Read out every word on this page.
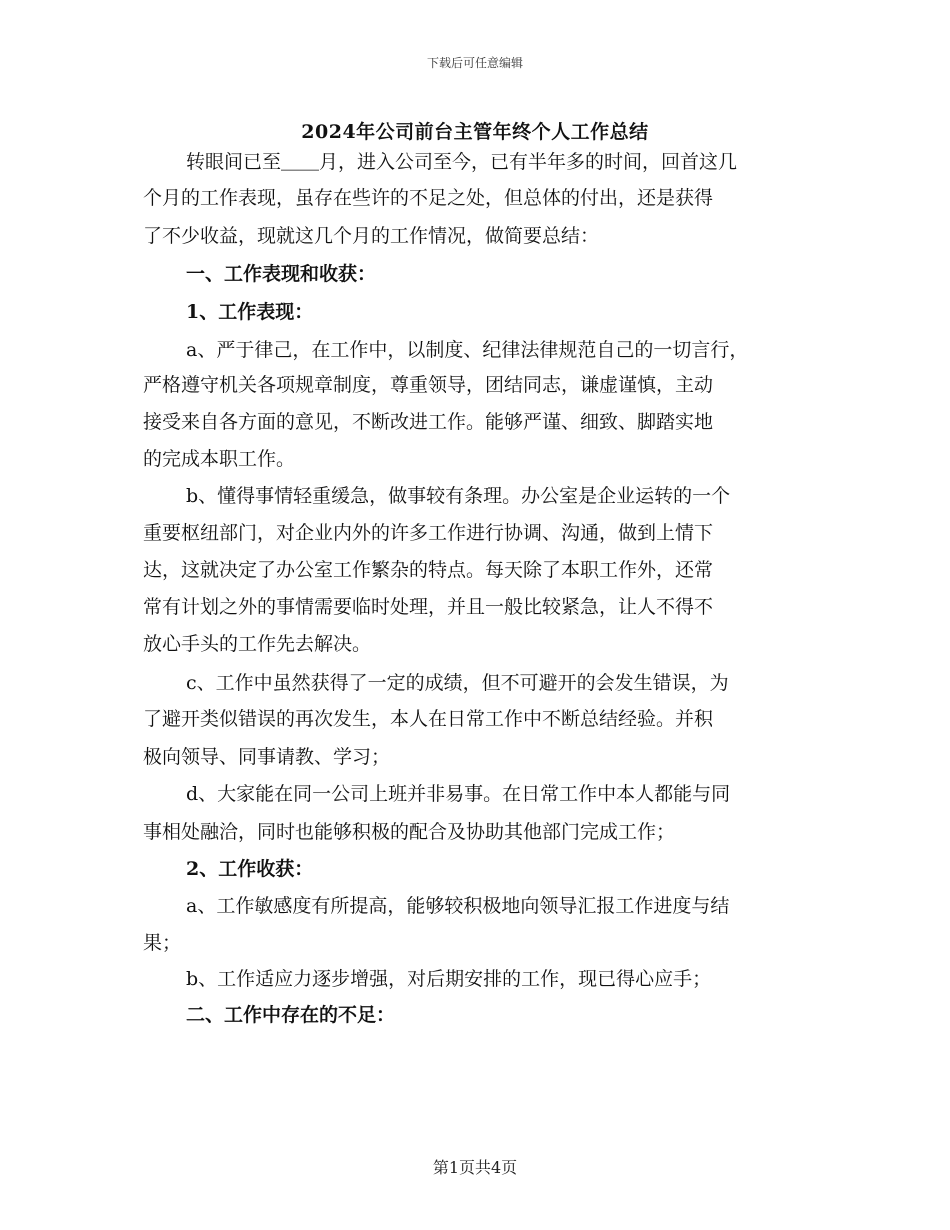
下载后可任意编辑
2024年公司前台主管年终个人工作总结
转眼间已至＿＿月，进入公司至今，已有半年多的时间，回首这几
个月的工作表现，虽存在些许的不足之处，但总体的付出，还是获得
了不少收益，现就这几个月的工作情况，做简要总结：
一、工作表现和收获：
1、工作表现：
a、严于律己，在工作中，以制度、纪律法律规范自己的一切言行，
严格遵守机关各项规章制度，尊重领导，团结同志，谦虚谨慎，主动
接受来自各方面的意见，不断改进工作。能够严谨、细致、脚踏实地
的完成本职工作。
b、懂得事情轻重缓急，做事较有条理。办公室是企业运转的一个
重要枢纽部门，对企业内外的许多工作进行协调、沟通，做到上情下
达，这就决定了办公室工作繁杂的特点。每天除了本职工作外，还常
常有计划之外的事情需要临时处理，并且一般比较紧急，让人不得不
放心手头的工作先去解决。
c、工作中虽然获得了一定的成绩，但不可避开的会发生错误，为
了避开类似错误的再次发生，本人在日常工作中不断总结经验。并积
极向领导、同事请教、学习；
d、大家能在同一公司上班并非易事。在日常工作中本人都能与同
事相处融洽，同时也能够积极的配合及协助其他部门完成工作；
2、工作收获：
a、工作敏感度有所提高，能够较积极地向领导汇报工作进度与结
果；
b、工作适应力逐步增强，对后期安排的工作，现已得心应手；
二、工作中存在的不足：
第1页共4页
